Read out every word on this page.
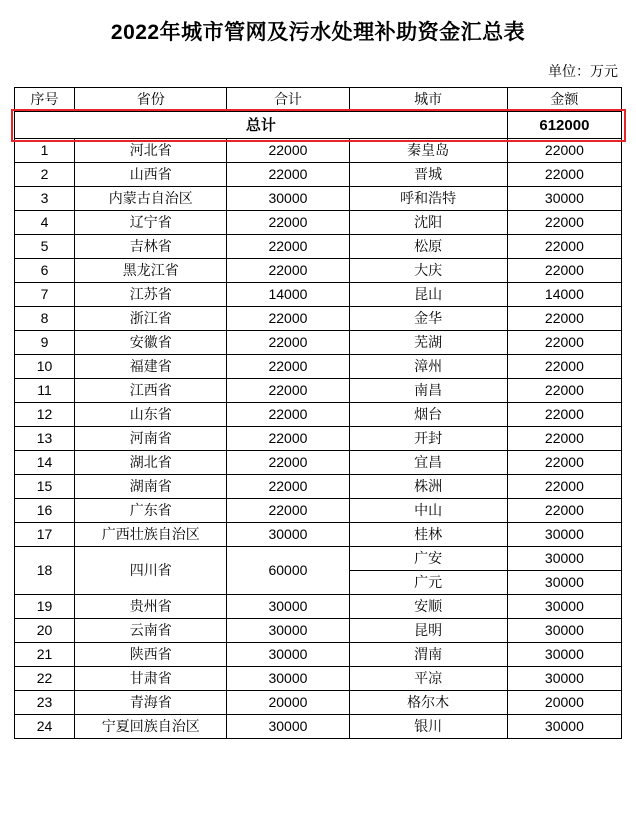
2022年城市管网及污水处理补助资金汇总表
单位：万元
序号	省份	合计	城市	金额
总计				612000
1	河北省	22000	秦皇岛	22000
2	山西省	22000	晋城	22000
3	内蒙古自治区	30000	呼和浩特	30000
4	辽宁省	22000	沈阳	22000
5	吉林省	22000	松原	22000
6	黑龙江省	22000	大庆	22000
7	江苏省	14000	昆山	14000
8	浙江省	22000	金华	22000
9	安徽省	22000	芜湖	22000
10	福建省	22000	漳州	22000
11	江西省	22000	南昌	22000
12	山东省	22000	烟台	22000
13	河南省	22000	开封	22000
14	湖北省	22000	宜昌	22000
15	湖南省	22000	株洲	22000
16	广东省	22000	中山	22000
17	广西壮族自治区	30000	桂林	30000
18	四川省	60000	广安	30000
			广元	30000
19	贵州省	30000	安顺	30000
20	云南省	30000	昆明	30000
21	陕西省	30000	渭南	30000
22	甘肃省	30000	平凉	30000
23	青海省	20000	格尔木	20000
24	宁夏回族自治区	30000	银川	30000
